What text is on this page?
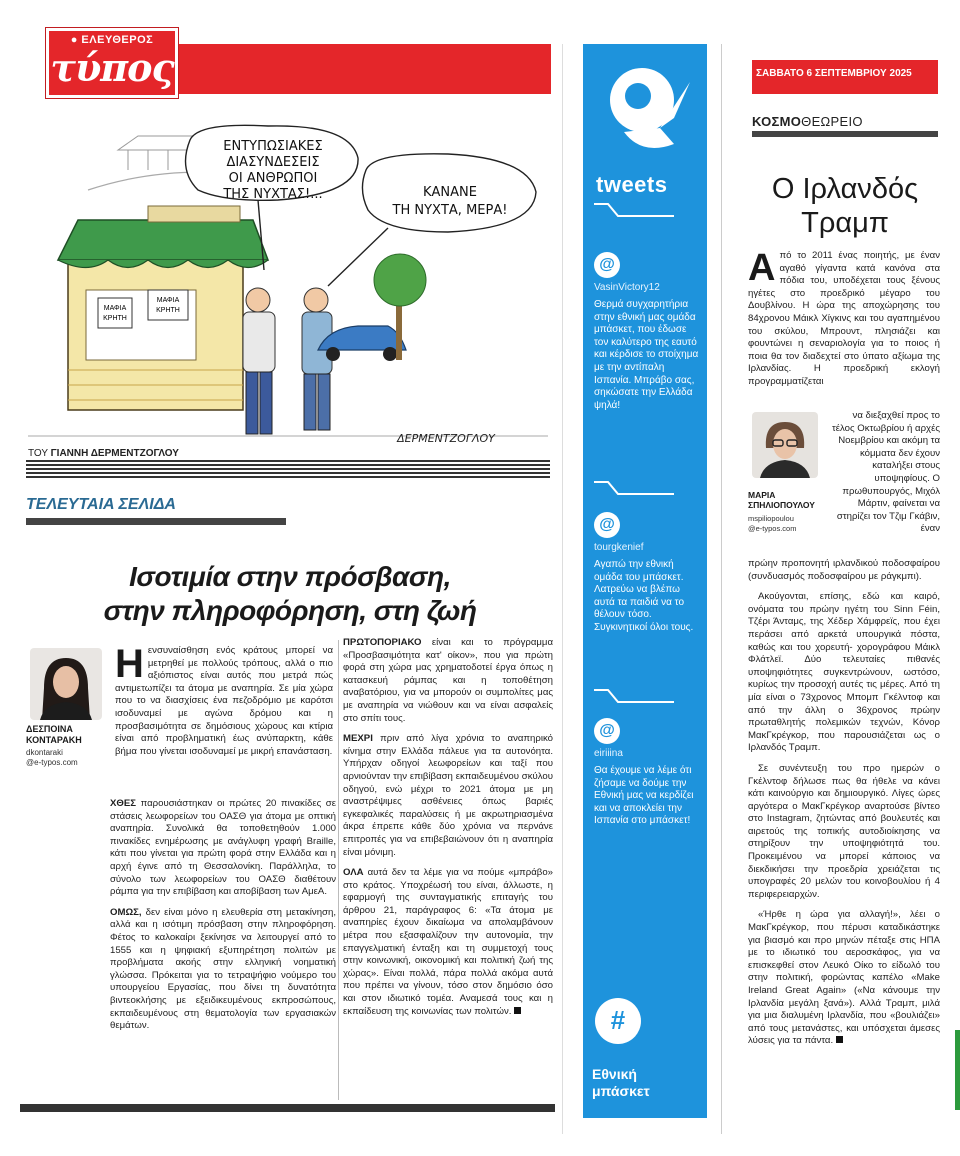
● ΕΛΕΥΘΕΡΟΣ
τύπος
ΜΑΦΙΑ
ΚΡΗΤΗ
ΜΑΦΙΑ
ΚΡΗΤΗ
ΕΝΤΥΠΩΣΙΑΚΕΣ
ΔΙΑΣΥΝΔΕΣΕΙΣ
ΟΙ ΑΝΘΡΩΠΟΙ
ΤΗΣ ΝΥΧΤΑΣ!...	ΚΑΝΑΝΕ
ΤΗ ΝΥΧΤΑ, ΜΕΡΑ!
ΔΕΡΜΕΝΤΖΟΓΛΟΥ
ΤΟΥ ΓΙΑΝΝΗ ΔΕΡΜΕΝΤΖΟΓΛΟΥ
ΤΕΛΕΥΤΑΙΑ ΣΕΛΙΔΑ
Ισοτιμία στην πρόσβαση,
στην πληροφόρηση, στη ζωή
ΔΕΣΠΟΙΝΑ ΚΟΝΤΑΡΑΚΗ
dkontaraki
@e-typos.com

Ηενσυναίσθηση ενός κράτους μπορεί να μετρηθεί με πολλούς τρόπους, αλλά ο πιο αξιόπιστος είναι αυτός που μετρά πώς αντιμετωπίζει τα άτομα με αναπηρία. Σε μία χώρα που το να διασχίσεις ένα πεζοδρόμιο με καρότσι ισοδυναμεί με αγώνα δρόμου και η προσβασιμότητα σε δημόσιους χώρους και κτίρια είναι από προβληματική έως ανύπαρκτη, κάθε βήμα που γίνεται ισοδυναμεί με μικρή επανάσταση.

ΧΘΕΣ παρουσιάστηκαν οι πρώτες 20 πινακίδες σε στάσεις λεωφορείων του ΟΑΣΘ για άτομα με οπτική αναπηρία. Συνολικά θα τοποθετηθούν 1.000 πινακίδες ενημέρωσης με ανάγλυφη γραφή Braille, κάτι που γίνεται για πρώτη φορά στην Ελλάδα και η αρχή έγινε από τη Θεσσαλονίκη. Παράλληλα, το σύνολο των λεωφορείων του ΟΑΣΘ διαθέτουν ράμπα για την επιβίβαση και αποβίβαση των ΑμεΑ.

ΟΜΩΣ, δεν είναι μόνο η ελευθερία στη μετακίνηση, αλλά και η ισότιμη πρόσβαση στην πληροφόρηση. Φέτος το καλοκαίρι ξεκίνησε να λειτουργεί από το 1555 και η ψηφιακή εξυπηρέτηση πολιτών με προβλήματα ακοής στην ελληνική νοηματική γλώσσα. Πρόκειται για το τετραψήφιο νούμερο του υπουργείου Εργασίας, που δίνει τη δυνατότητα βιντεοκλήσης με εξειδικευμένους εκπροσώπους, εκπαιδευμένους στη θεματολογία των εργασιακών θεμάτων.

ΠΡΩΤΟΠΟΡΙΑΚΟ είναι και το πρόγραμμα «Προσβασιμότητα κατ' οίκον», που για πρώτη φορά στη χώρα μας χρηματοδοτεί έργα όπως η κατασκευή ράμπας και η τοποθέτηση αναβατόριου, για να μπορούν οι συμπολίτες μας με αναπηρία να νιώθουν και να είναι ασφαλείς στο σπίτι τους.

ΜΕΧΡΙ πριν από λίγα χρόνια το αναπηρικό κίνημα στην Ελλάδα πάλευε για τα αυτονόητα. Υπήρχαν οδηγοί λεωφορείων και ταξί που αρνιούνταν την επιβίβαση εκπαιδευμένου σκύλου οδηγού, ενώ μέχρι το 2021 άτομα με μη αναστρέψιμες ασθένειες όπως βαριές εγκεφαλικές παραλύσεις ή με ακρωτηριασμένα άκρα έπρεπε κάθε δύο χρόνια να περνάνε επιτροπές για να επιβεβαιώνουν ότι η αναπηρία είναι μόνιμη.

ΟΛΑ αυτά δεν τα λέμε για να πούμε «μπράβο» στο κράτος. Υποχρέωσή του είναι, άλλωστε, η εφαρμογή της συνταγματικής επιταγής του άρθρου 21, παράγραφος 6: «Τα άτομα με αναπηρίες έχουν δικαίωμα να απολαμβάνουν μέτρα που εξασφαλίζουν την αυτονομία, την επαγγελματική ένταξη και τη συμμετοχή τους στην κοινωνική, οικονομική και πολιτική ζωή της χώρας». Είναι πολλά, πάρα πολλά ακόμα αυτά που πρέπει να γίνουν, τόσο στον δημόσιο όσο και στον ιδιωτικό τομέα. Αναμεσά τους και η εκπαίδευση της κοινωνίας των πολιτών.

tweets
@
VasinVictory12
Θερμά συγχαρητήρια στην εθνική μας ομάδα μπάσκετ, που έδωσε τον καλύτερο της εαυτό και κέρδισε το στοίχημα με την αντίπαλη Ισπανία. Μπράβο σας, σηκώσατε την Ελλάδα ψηλά!
@
tourgkenief
Αγαπώ την εθνική ομάδα του μπάσκετ. Λατρεύω να βλέπω αυτά τα παιδιά να το θέλουν τόσο. Συγκινητικοί όλοι τους.
@
eiriiina
Θα έχουμε να λέμε ότι ζήσαμε να δούμε την Εθνική μας να κερδίζει και να αποκλείει την Ισπανία στο μπάσκετ!
#
Εθνική
μπάσκετ
ΣΑΒΒΑΤΟ 6 ΣΕΠΤΕΜΒΡΙΟΥ 2025
ΚΟΣΜΟΘΕΩΡΕΙΟ
Ο Ιρλανδός
Τραμπ

Από το 2011 ένας ποιητής, με έναν αγαθό γίγαντα κατά κανόνα στα πόδια του, υποδέχεται τους ξένους ηγέτες στο προεδρικό μέγαρο του Δουβλίνου. Η ώρα της αποχώρησης του 84χρονου Μάικλ Χίγκινς και του αγαπημένου του σκύλου, Μπρουντ, πλησιάζει και φουντώνει η σεναριολογία για το ποιος ή ποια θα τον διαδεχτεί στο ύπατο αξίωμα της Ιρλανδίας. Η προεδρική εκλογή προγραμματίζεται

ΜΑΡΙΑ ΣΠΗΛΙΟΠΟΥΛΟΥ
mspiliopoulou
@e-typos.com

να διεξαχθεί προς το τέλος Οκτωβρίου ή αρχές Νοεμβρίου και ακόμη τα κόμματα δεν έχουν καταλήξει στους υποψηφίους. Ο πρωθυπουργός, Μιχόλ Μάρτιν, φαίνεται να στηρίζει τον Τζιμ Γκάβιν, έναν

πρώην προπονητή ιρλανδικού ποδοσφαίρου (συνδυασμός ποδοσφαίρου με ράγκμπι).

Ακούγονται, επίσης, εδώ και καιρό, ονόματα του πρώην ηγέτη του Sinn Féin, Τζέρι Άνταμς, της Χέδερ Χάμφρεϊς, που έχει περάσει από αρκετά υπουργικά πόστα, καθώς και του χορευτή- χορογράφου Μάικλ Φλάτλεϊ. Δύο τελευταίες πιθανές υποψηφιότητες συγκεντρώνουν, ωστόσο, κυρίως την προσοχή αυτές τις μέρες. Από τη μία είναι ο 73χρονος Μπομπ Γκέλντοφ και από την άλλη ο 36χρονος πρώην πρωταθλητής πολεμικών τεχνών, Κόνορ ΜακΓκρέγκορ, που παρουσιάζεται ως ο Ιρλανδός Τραμπ.

Σε συνέντευξη του προ ημερών ο Γκέλντοφ δήλωσε πως θα ήθελε να κάνει κάτι καινούργιο και δημιουργικό. Λίγες ώρες αργότερα ο ΜακΓκρέγκορ αναρτούσε βίντεο στο Instagram, ζητώντας από βουλευτές και αιρετούς της τοπικής αυτοδιοίκησης να στηρίξουν την υποψηφιότητά του. Προκειμένου να μπορεί κάποιος να διεκδικήσει την προεδρία χρειάζεται τις υπογραφές 20 μελών του κοινοβουλίου ή 4 περιφερειαρχών.

«Ήρθε η ώρα για αλλαγή!», λέει ο ΜακΓκρέγκορ, που πέρυσι καταδικάστηκε για βιασμό και προ μηνών πέταξε στις ΗΠΑ με το ιδιωτικό του αεροσκάφος, για να επισκεφθεί στον Λευκό Οίκο το είδωλό του στην πολιτική, φορώντας καπέλο «Make Ireland Great Again» («Να κάνουμε την Ιρλανδία μεγάλη ξανά»). Αλλά Τραμπ, μιλά για μια διαλυμένη Ιρλανδία, που «βουλιάζει» από τους μετανάστες, και υπόσχεται άμεσες λύσεις για τα πάντα.
